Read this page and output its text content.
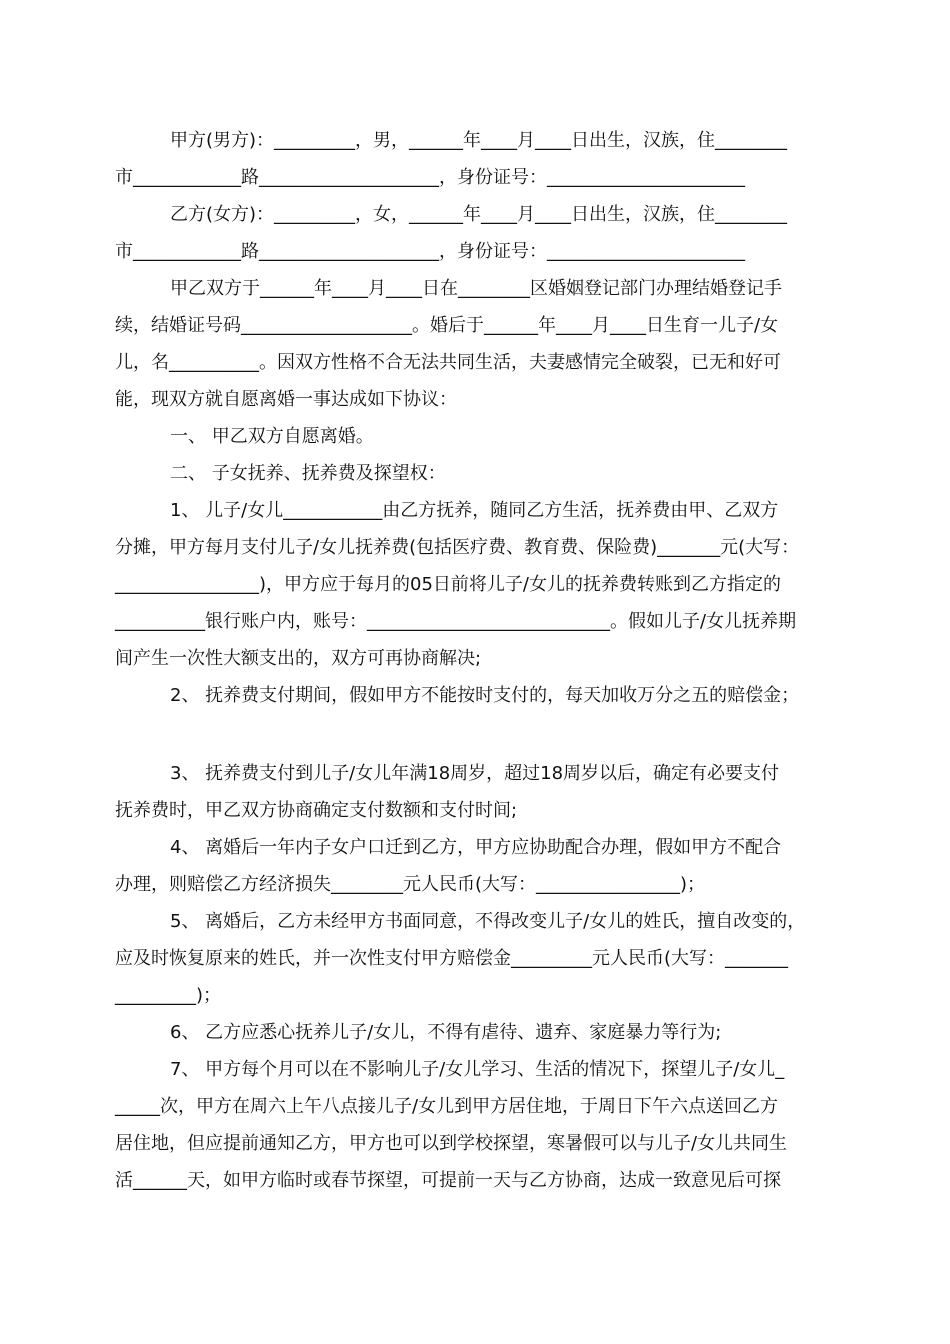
甲方(男方)：_________，男，______年____月____日出生，汉族，住________
市____________路____________________，身份证号：______________________
乙方(女方)：_________，女，______年____月____日出生，汉族，住________
市____________路____________________，身份证号：______________________
甲乙双方于______年____月____日在________区婚姻登记部门办理结婚登记手
续，结婚证号码___________________。婚后于______年____月____日生育一儿子/女
儿，名__________。因双方性格不合无法共同生活，夫妻感情完全破裂，已无和好可
能，现双方就自愿离婚一事达成如下协议：
一、 甲乙双方自愿离婚。
二、 子女抚养、抚养费及探望权：
1、 儿子/女儿___________由乙方抚养，随同乙方生活，抚养费由甲、乙双方
分摊，甲方每月支付儿子/女儿抚养费(包括医疗费、教育费、保险费)_______元(大写：
________________)，甲方应于每月的05日前将儿子/女儿的抚养费转账到乙方指定的
__________银行账户内，账号：___________________________。假如儿子/女儿抚养期
间产生一次性大额支出的，双方可再协商解决;
2、 抚养费支付期间，假如甲方不能按时支付的，每天加收万分之五的赔偿金；
3、 抚养费支付到儿子/女儿年满18周岁，超过18周岁以后，确定有必要支付
抚养费时，甲乙双方协商确定支付数额和支付时间;
4、 离婚后一年内子女户口迁到乙方，甲方应协助配合办理，假如甲方不配合
办理，则赔偿乙方经济损失________元人民币(大写：________________)；
5、 离婚后，乙方未经甲方书面同意，不得改变儿子/女儿的姓氏，擅自改变的，
应及时恢复原来的姓氏，并一次性支付甲方赔偿金_________元人民币(大写：_______
_________)；
6、 乙方应悉心抚养儿子/女儿，不得有虐待、遗弃、家庭暴力等行为;
7、 甲方每个月可以在不影响儿子/女儿学习、生活的情况下，探望儿子/女儿_
_____次，甲方在周六上午八点接儿子/女儿到甲方居住地，于周日下午六点送回乙方
居住地，但应提前通知乙方，甲方也可以到学校探望，寒暑假可以与儿子/女儿共同生
活______天，如甲方临时或春节探望，可提前一天与乙方协商，达成一致意见后可探
